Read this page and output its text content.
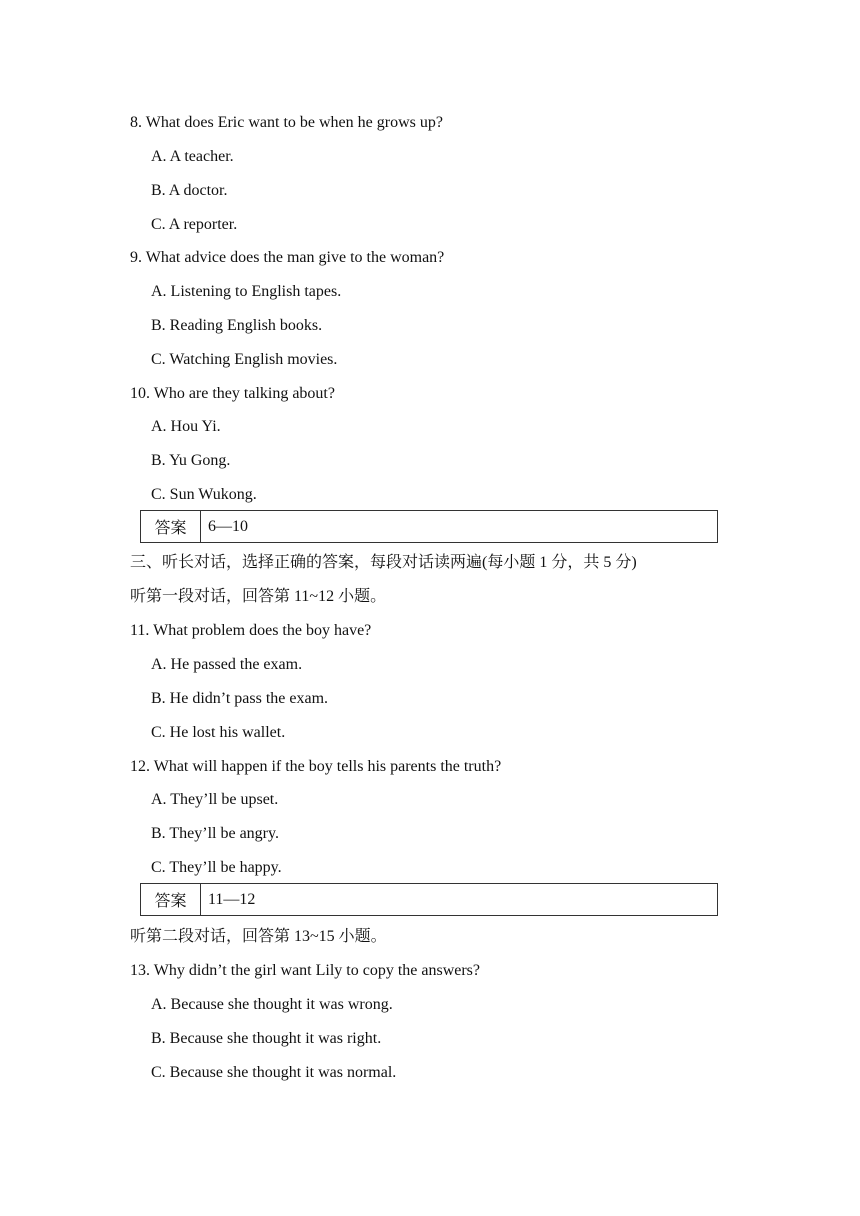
8. What does Eric want to be when he grows up?
A. A teacher.
B. A doctor.
C. A reporter.
9. What advice does the man give to the woman?
A. Listening to English tapes.
B. Reading English books.
C. Watching English movies.
10. Who are they talking about?
A. Hou Yi.
B. Yu Gong.
C. Sun Wukong.
答案	6—10
三、听长对话，选择正确的答案，每段对话读两遍(每小题 1 分，共 5 分)
听第一段对话，回答第 11~12 小题。
11. What problem does the boy have?
A. He passed the exam.
B. He didn’t pass the exam.
C. He lost his wallet.
12. What will happen if the boy tells his parents the truth?
A. They’ll be upset.
B. They’ll be angry.
C. They’ll be happy.
答案	11—12
听第二段对话，回答第 13~15 小题。
13. Why didn’t the girl want Lily to copy the answers?
A. Because she thought it was wrong.
B. Because she thought it was right.
C. Because she thought it was normal.
